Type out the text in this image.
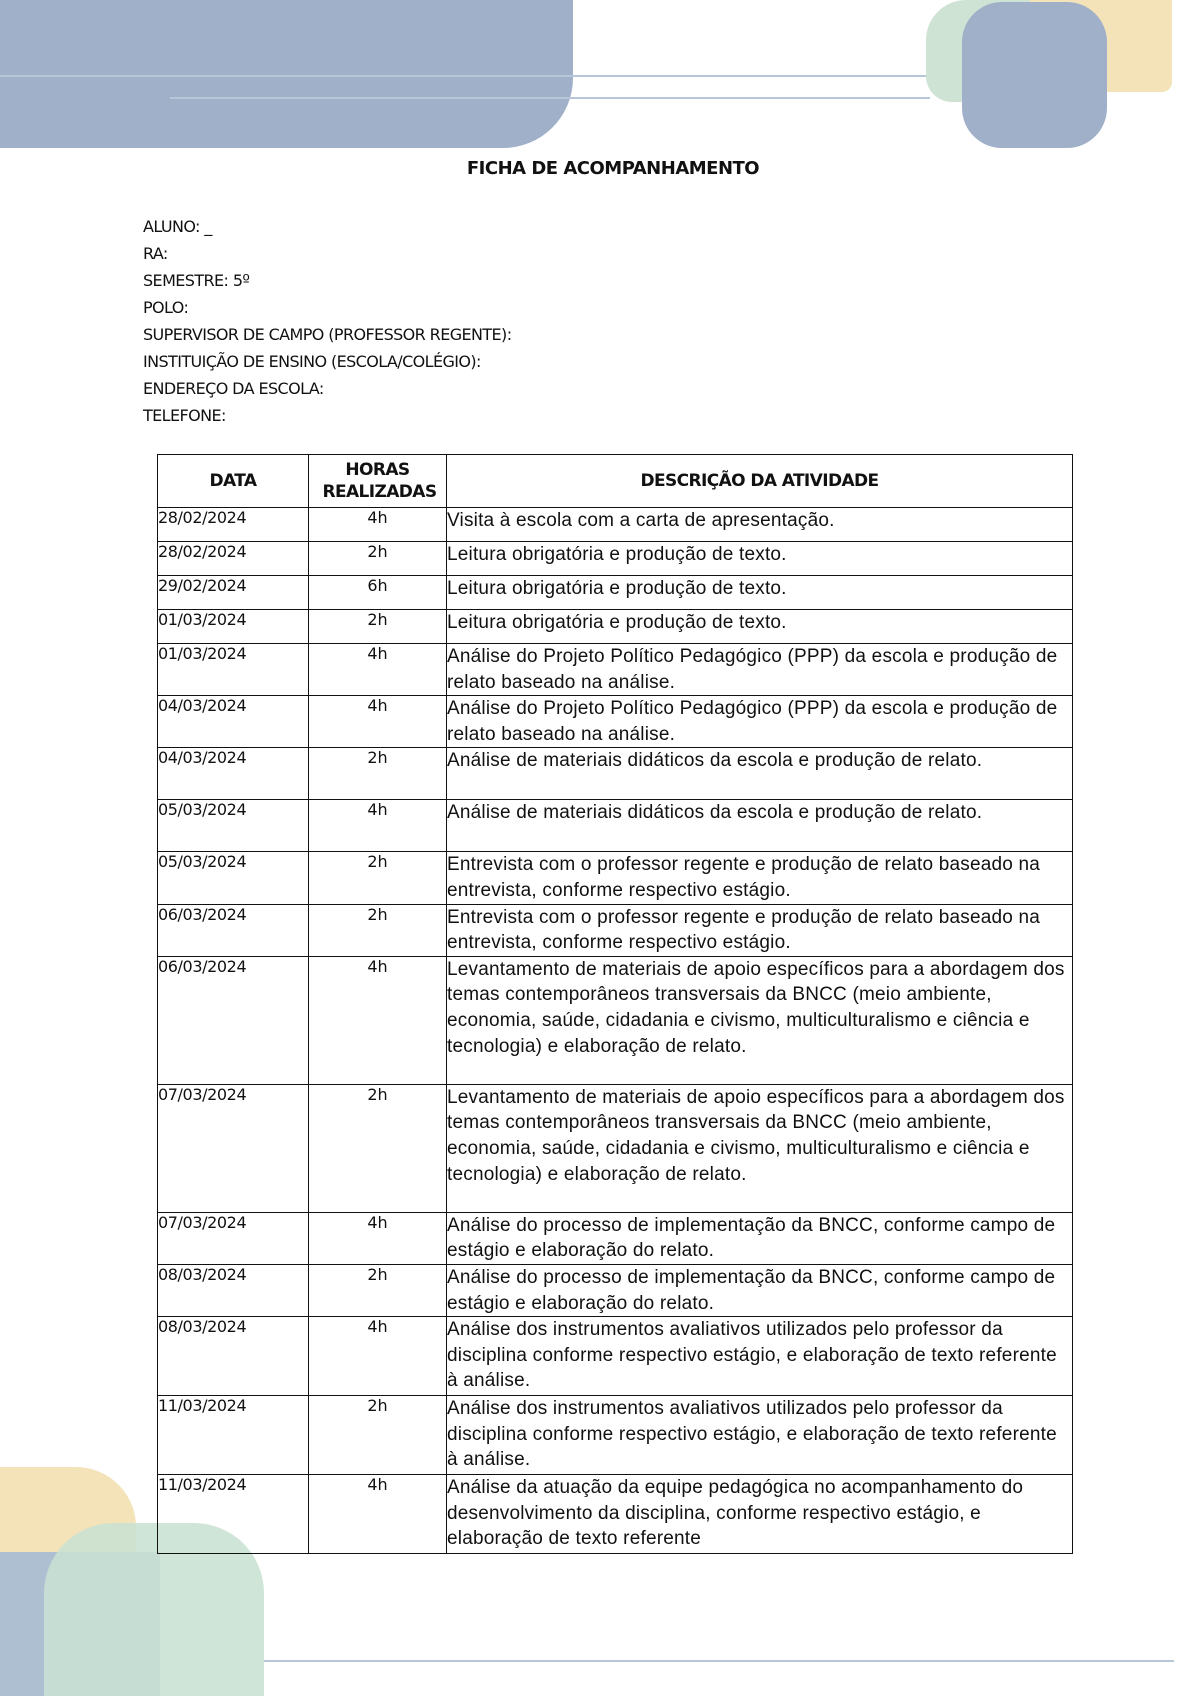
FICHA DE ACOMPANHAMENTO
ALUNO: _
RA:
SEMESTRE: 5º
POLO:
SUPERVISOR DE CAMPO (PROFESSOR REGENTE):
INSTITUIÇÃO DE ENSINO (ESCOLA/COLÉGIO):
ENDEREÇO DA ESCOLA:
TELEFONE:
DATA	HORAS REALIZADAS	DESCRIÇÃO DA ATIVIDADE

28/02/2024	4h	Visita à escola com a carta de apresentação.

28/02/2024	2h	Leitura obrigatória e produção de texto.

29/02/2024	6h	Leitura obrigatória e produção de texto.

01/03/2024	2h	Leitura obrigatória e produção de texto.

01/03/2024	4h	Análise do Projeto Político Pedagógico (PPP) da escola e produção de relato baseado na análise.

04/03/2024	4h	Análise do Projeto Político Pedagógico (PPP) da escola e produção de relato baseado na análise.

04/03/2024	2h	Análise de materiais didáticos da escola e produção de relato.

05/03/2024	4h	Análise de materiais didáticos da escola e produção de relato.

05/03/2024	2h	Entrevista com o professor regente e produção de relato baseado na entrevista, conforme respectivo estágio.

06/03/2024	2h	Entrevista com o professor regente e produção de relato baseado na entrevista, conforme respectivo estágio.

06/03/2024	4h	Levantamento de materiais de apoio específicos para a abordagem dos temas contemporâneos transversais da BNCC (meio ambiente, economia, saúde, cidadania e civismo, multiculturalismo e ciência e tecnologia) e elaboração de relato.

07/03/2024	2h	Levantamento de materiais de apoio específicos para a abordagem dos temas contemporâneos transversais da BNCC (meio ambiente, economia, saúde, cidadania e civismo, multiculturalismo e ciência e tecnologia) e elaboração de relato.

07/03/2024	4h	Análise do processo de implementação da BNCC, conforme campo de estágio e elaboração do relato.

08/03/2024	2h	Análise do processo de implementação da BNCC, conforme campo de estágio e elaboração do relato.

08/03/2024	4h	Análise dos instrumentos avaliativos utilizados pelo professor da disciplina conforme respectivo estágio, e elaboração de texto referente à análise.

11/03/2024	2h	Análise dos instrumentos avaliativos utilizados pelo professor da disciplina conforme respectivo estágio, e elaboração de texto referente à análise.

11/03/2024	4h	Análise da atuação da equipe pedagógica no acompanhamento do desenvolvimento da disciplina, conforme respectivo estágio, e elaboração de texto referente
